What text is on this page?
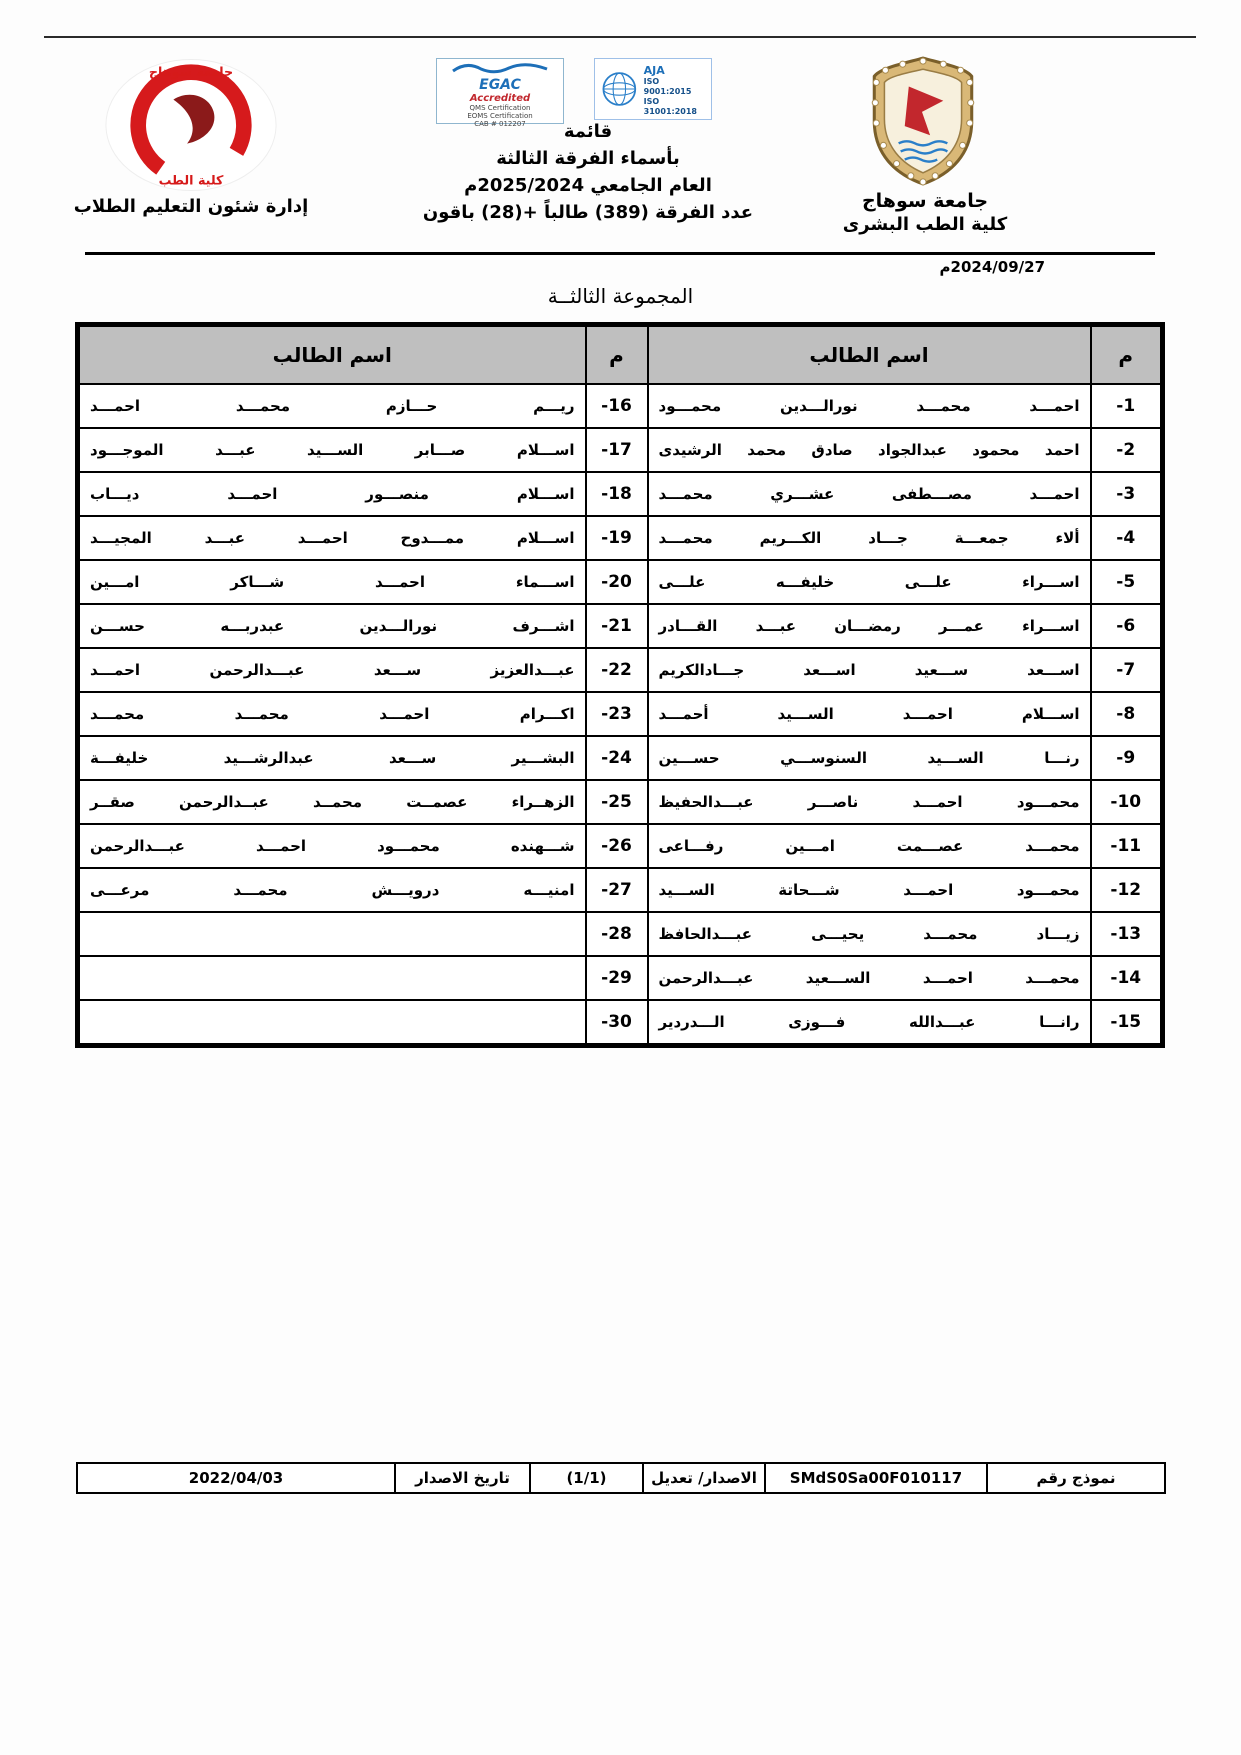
جامعة سوهاج
كلية الطب
إدارة شئون التعليم الطلاب
EGAC
Accredited
QMS Certification
EOMS Certification
CAB # 012207
AJA
ISO 9001:2015
ISO 31001:2018
قائمة
بأسماء الفرقة الثالثة
العام الجامعي 2025/2024م
عدد الفرقة (389) طالباً +(28) باقون
جامعة سوهاج
كلية الطب البشرى
2024/09/27م
المجموعة الثالثــة
م	اسم الطالب	م	اسم الطالب
-1	احمـــد محمـــد نورالـــدين محمـــود	-16	ريـــم حـــازم محمـــد احمـــد
-2	احمد محمود عبدالجواد صادق محمد الرشيدى	-17	اســـلام صـــابر الســـيد عبـــد الموجـــود
-3	احمـــد مصـــطفى عشـــري محمـــد	-18	اســـلام منصـــور احمـــد ديـــاب
-4	ألاء جمعـــة جـــاد الكـــريم محمـــد	-19	اســـلام ممـــدوح احمـــد عبـــد المجيـــد
-5	اســـراء علـــى خليفـــه علـــى	-20	اســـماء احمـــد شـــاكر امـــين
-6	اســـراء عمـــر رمضـــان عبـــد القـــادر	-21	اشـــرف نورالـــدين عبدربـــه حســـن
-7	اســـعد ســـعيد اســـعد جـــادالكريم	-22	عبـــدالعزيز ســـعد عبـــدالرحمن احمـــد
-8	اســـلام احمـــد الســـيد أحمـــد	-23	اكـــرام احمـــد محمـــد محمـــد
-9	رنـــا الســـيد السنوســـي حســـين	-24	البشـــير ســـعد عبدالرشـــيد خليفـــة
-10	محمـــود احمـــد ناصـــر عبـــدالحفيظ	-25	الزهــراء عصمــت محمــد عبــدالرحمن صقــر
-11	محمـــد عصـــمت امـــين رفـــاعى	-26	شـــهنده محمـــود احمـــد عبـــدالرحمن
-12	محمـــود احمـــد شـــحاتة الســـيد	-27	امنيـــه درويـــش محمـــد مرعـــى
-13	زيـــاد محمـــد يحيـــى عبـــدالحافظ	-28	
-14	محمـــد احمـــد الســـعيد عبـــدالرحمن	-29	
-15	رانـــا عبـــدالله فـــوزى الـــدردير	-30	
نموذج رقم
SMdS0Sa00F010117
الاصدار/ تعديل
(1/1)
تاريخ الاصدار
2022/04/03
